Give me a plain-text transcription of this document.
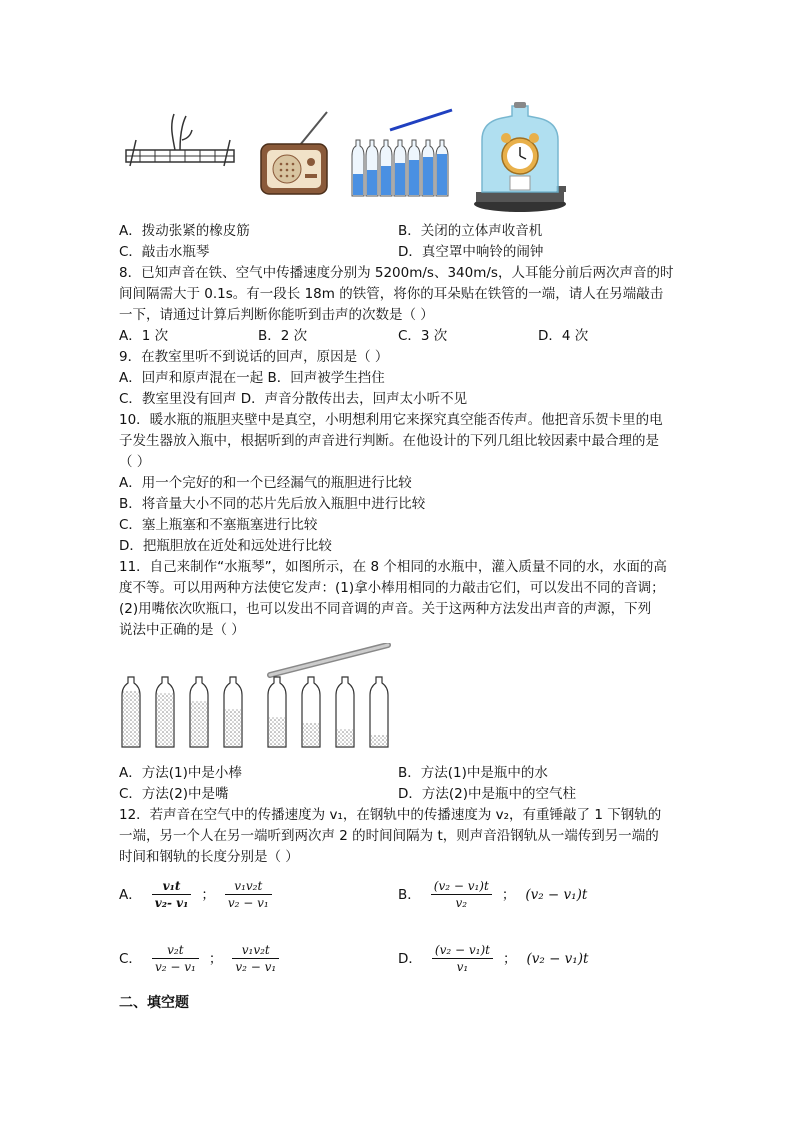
A．拨动张紧的橡皮筋	B．关闭的立体声收音机
C．敲击水瓶琴	D．真空罩中响铃的闹钟
8．已知声音在铁、空气中传播速度分别为 5200m/s、340m/s，人耳能分前后两次声音的时
间间隔需大于 0.1s。有一段长 18m 的铁管，将你的耳朵贴在铁管的一端，请人在另端敲击
一下，请通过计算后判断你能听到击声的次数是（ ）
A．1 次	B．2 次	C．3 次	D．4 次
9．在教室里听不到说话的回声，原因是（ ）
A．回声和原声混在一起 B．回声被学生挡住
C．教室里没有回声 D．声音分散传出去，回声太小听不见
10．暖水瓶的瓶胆夹壁中是真空，小明想利用它来探究真空能否传声。他把音乐贺卡里的电
子发生器放入瓶中，根据听到的声音进行判断。在他设计的下列几组比较因素中最合理的是
（ ）
A．用一个完好的和一个已经漏气的瓶胆进行比较
B．将音量大小不同的芯片先后放入瓶胆中进行比较
C．塞上瓶塞和不塞瓶塞进行比较
D．把瓶胆放在近处和远处进行比较
11．自己来制作“水瓶琴”，如图所示，在 8 个相同的水瓶中，灌入质量不同的水，水面的高
度不等。可以用两种方法使它发声：(1)拿小棒用相同的力敲击它们，可以发出不同的音调；
(2)用嘴依次吹瓶口，也可以发出不同音调的声音。关于这两种方法发出声音的声源，下列
说法中正确的是（ ）
A．方法(1)中是小棒	B．方法(1)中是瓶中的水
C．方法(2)中是嘴	D．方法(2)中是瓶中的空气柱
12．若声音在空气中的传播速度为 v₁，在钢轨中的传播速度为 v₂，有重锤敲了 1 下钢轨的
一端，另一个人在另一端听到两次声 2 的时间间隔为 t，则声音沿钢轨从一端传到另一端的
时间和钢轨的长度分别是（ ）
A． $\frac{\text{v₁t}}{\text{v₂- v₁}}$ ； $\frac{\text{v₁v₂t}}{\text{v₂ − v₁}}$	B． $\frac{\text{(v₂ − v₁)t}}{\text{v₂}}$ ； (v₂ − v₁)t
C． $\frac{\text{v₂t}}{\text{v₂ − v₁}}$ ； $\frac{\text{v₁v₂t}}{\text{v₂ − v₁}}$	D． $\frac{\text{(v₂ − v₁)t}}{\text{v₁}}$ ； (v₂ − v₁)t
二、填空题
